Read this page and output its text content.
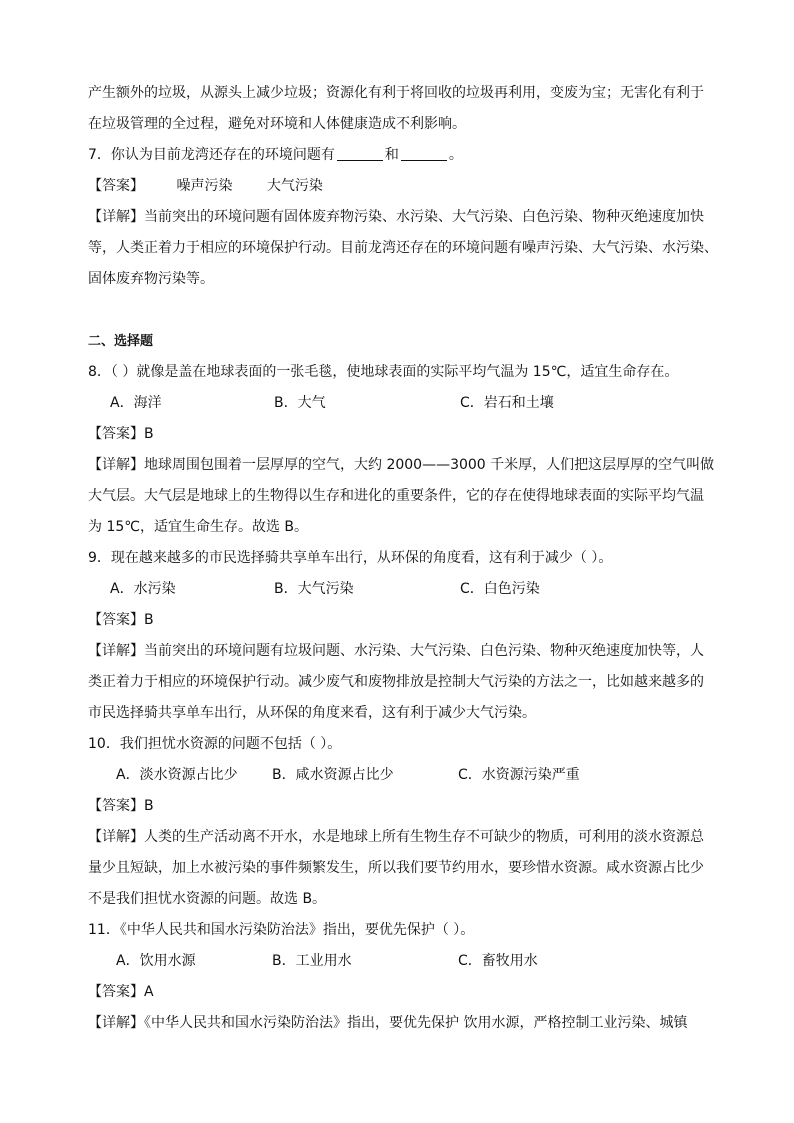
产生额外的垃圾，从源头上减少垃圾；资源化有利于将回收的垃圾再利用，变废为宝；无害化有利于
在垃圾管理的全过程，避免对环境和人体健康造成不利影响。
7．你认为目前龙湾还存在的环境问题有	和	。
【答案】 噪声污染 大气污染
【详解】当前突出的环境问题有固体废弃物污染、水污染、大气污染、白色污染、物种灭绝速度加快
等，人类正着力于相应的环境保护行动。目前龙湾还存在的环境问题有噪声污染、大气污染、水污染、
固体废弃物污染等。
二、选择题
8．（ ）就像是盖在地球表面的一张毛毯，使地球表面的实际平均气温为 15℃，适宜生命存在。
A．海洋	B．大气	C．岩石和土壤
【答案】B
【详解】地球周围包围着一层厚厚的空气，大约 2000——3000 千米厚，人们把这层厚厚的空气叫做
大气层。大气层是地球上的生物得以生存和进化的重要条件，它的存在使得地球表面的实际平均气温
为 15℃，适宜生命生存。故选 B。
9．现在越来越多的市民选择骑共享单车出行，从环保的角度看，这有利于减少（ ）。
A．水污染	B．大气污染	C．白色污染
【答案】B
【详解】当前突出的环境问题有垃圾问题、水污染、大气污染、白色污染、物种灭绝速度加快等，人
类正着力于相应的环境保护行动。减少废气和废物排放是控制大气污染的方法之一，比如越来越多的
市民选择骑共享单车出行，从环保的角度来看，这有利于减少大气污染。
10．我们担忧水资源的问题不包括（ ）。
A．淡水资源占比少	B．咸水资源占比少	C．水资源污染严重
【答案】B
【详解】人类的生产活动离不开水，水是地球上所有生物生存不可缺少的物质，可利用的淡水资源总
量少且短缺，加上水被污染的事件频繁发生，所以我们要节约用水，要珍惜水资源。咸水资源占比少
不是我们担忧水资源的问题。故选 B。
11．《中华人民共和国水污染防治法》指出，要优先保护（ ）。
A．饮用水源	B．工业用水	C．畜牧用水
【答案】A
【详解】《中华人民共和国水污染防治法》指出，要优先保护 饮用水源，严格控制工业污染、城镇
